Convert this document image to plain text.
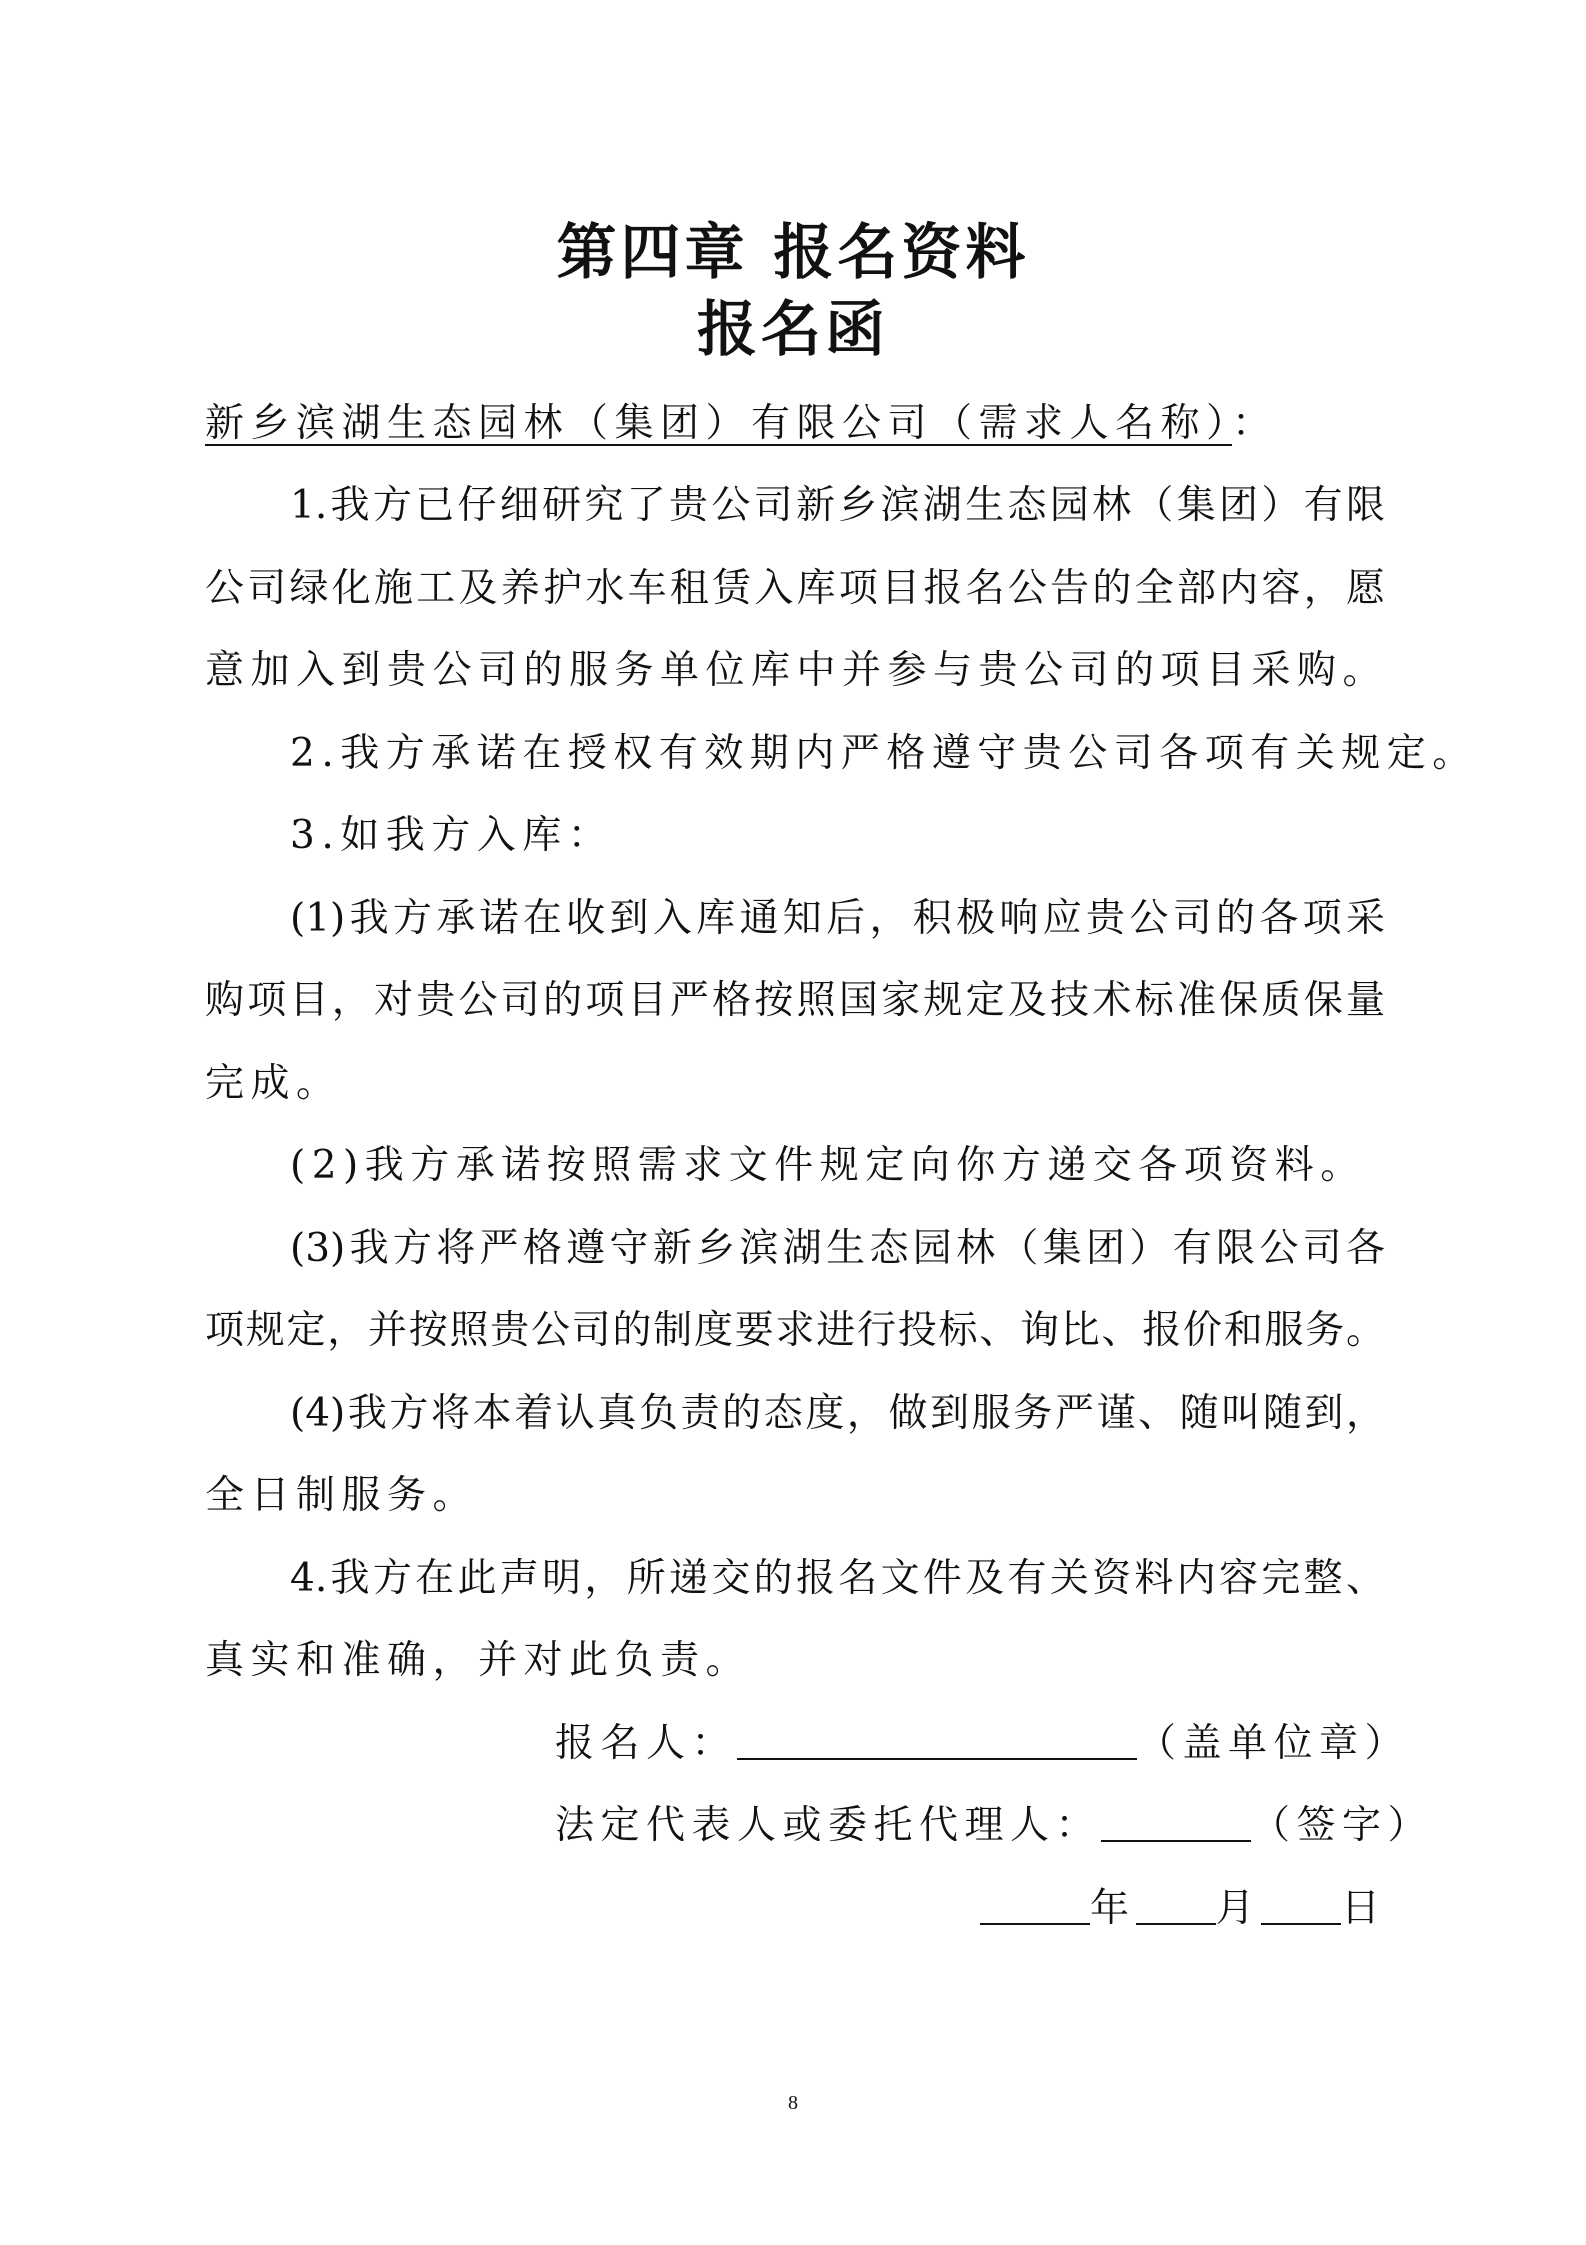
第四章 报名资料
报名函
新乡滨湖生态园林（集团）有限公司（需求人名称）：
1.我方已仔细研究了贵公司新乡滨湖生态园林（集团）有限
公司绿化施工及养护水车租赁入库项目报名公告的全部内容，愿
意加入到贵公司的服务单位库中并参与贵公司的项目采购。
2.我方承诺在授权有效期内严格遵守贵公司各项有关规定。
3.如我方入库：
(1)我方承诺在收到入库通知后，积极响应贵公司的各项采
购项目，对贵公司的项目严格按照国家规定及技术标准保质保量
完成。
(2)我方承诺按照需求文件规定向你方递交各项资料。
(3)我方将严格遵守新乡滨湖生态园林（集团）有限公司各
项规定，并按照贵公司的制度要求进行投标、询比、报价和服务。
(4)我方将本着认真负责的态度，做到服务严谨、随叫随到，
全日制服务。
4.我方在此声明，所递交的报名文件及有关资料内容完整、
真实和准确，并对此负责。
报名人：	（盖单位章）
法定代表人或委托代理人：	（签字）
年 月 日
8
